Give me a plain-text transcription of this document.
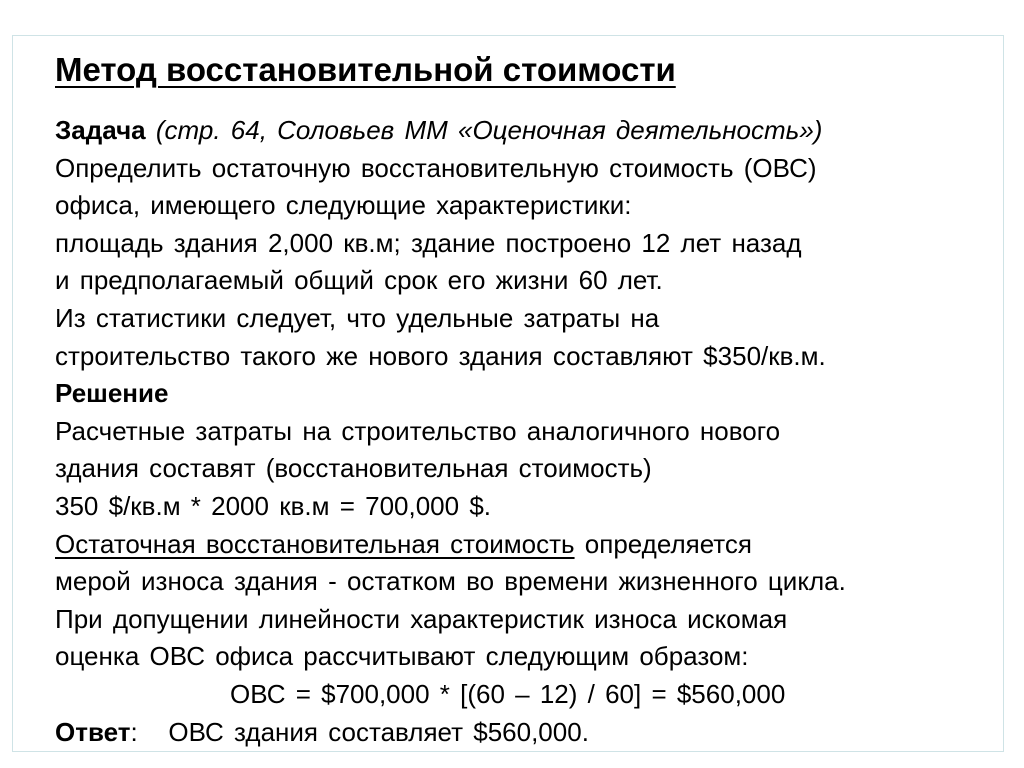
Метод восстановительной стоимости
Задача (стр. 64, Соловьев ММ «Оценочная деятельность»)
Определить остаточную восстановительную стоимость (ОВС)
офиса, имеющего следующие характеристики:
площадь здания 2,000 кв.м; здание построено 12 лет назад
и предполагаемый общий срок его жизни 60 лет.
Из статистики следует, что удельные затраты на
строительство такого же нового здания составляют $350/кв.м.
Решение
Расчетные затраты на строительство аналогичного нового
здания составят (восстановительная стоимость)
350 $/кв.м * 2000 кв.м = 700,000 $.
Остаточная восстановительная стоимость определяется
мерой износа здания - остатком во времени жизненного цикла.
При допущении линейности характеристик износа искомая
оценка ОВС офиса рассчитывают следующим образом:
ОВС = $700,000 * [(60 – 12) / 60] = $560,000
Ответ:   ОВС здания составляет $560,000.
